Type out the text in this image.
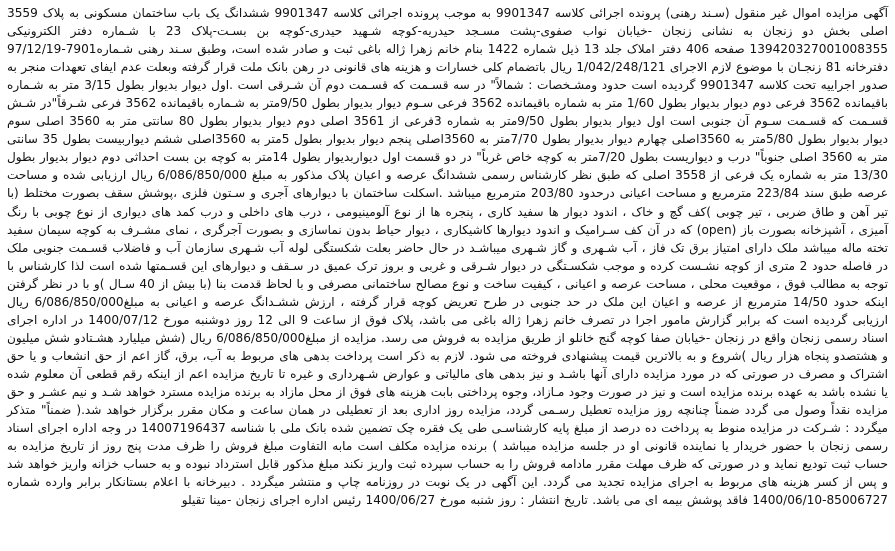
آگهی مزایده اموال غیر منقول (سـند رهنی) پرونده اجرائی کلاسه 9901347 به موجب پرونده اجرائی کلاسه 9901347 ششدانگ یک باب ساختمان مسکونی به پلاک 3559 اصلی بخش دو زنجان به نشانی زنجان -خیابان نواب صفوی-پشت مسـجد حیدریه-کوچه شـهید حیدری-کوچه بن بسـت-پلاک 23 با شـماره دفتر الکترونیکی 139420327001008355 صفحه 406 دفتر املاک جلد 13 ذیل شماره 1422 بنام خانم زهرا ژاله باغی ثبت و صادر شده است، وطبق سـند رهنی شـماره7901-97/12/19 دفترخانه 81 زنجـان با موضوع لازم الاجرای 1/042/248/121 ریال باتضمام کلی خسارات و هزینه های قانونی در رهن بانک ملت قرار گرفته وبعلت عدم ایفای تعهدات منجر به صدور اجراییه تحت کلاسه 9901347 گردیده است حدود ومشـخصات : شمالاً" در سه قسـمت که قسـمت دوم آن شـرقی است .اول دیوار بدیوار بطول 3/15 متر به شـماره باقیمانده 3562 فرعی دوم دیوار بدیوار بطول 1/60 متر به شماره باقیمانده 3562 فرعی سـوم دیوار بدیوار بطول 9/50متر به شـماره باقیمانده 3562 فرعی شـرقاً"در شـش قسـمت که قسـمت سـوم آن جنوبی است اول دیوار بدیوار بطول 9/50متر به شماره 3فرعی از 3561 اصلی دوم دیوار بدیوار بطول 80 سانتی متر به 3560 اصلی سوم دیوار بدیوار بطول 5/80متر به 3560اصلی چهارم دیوار بدیوار بطول 7/70متر به 3560اصلی پنجم دیوار بدیوار بطول 5متر به 3560اصلی ششم دیواربیست بطول 35 سانتی متر به 3560 اصلی جنوباً" درب و دیواریست بطول 7/20متر به کوچه خاص غرباً" در دو قسمت اول دیواربدیوار بطول 14متر به کوچه بن بست احداثی دوم دیوار بدیوار بطول 13/30 متر به شماره یک فرعی از 3558 اصلی که طبق نظر کارشناس رسمی ششدانگ عرصه و اعیان پلاک مذکور به مبلغ 6/086/850/000 ریال ارزیابی شده و مساحت عرصه طبق سند 223/84 مترمربع و مساحت اعیانی درحدود 203/80 مترمربع میباشد .اسکلت ساختمان با دیوارهای آجری و سـتون فلزی ،پوشش سقف بصورت مختلط (با تیر آهن و طاق ضربی ، تیر چوبی )کف گچ و خاک ، اندود دیوار ها سفید کاری ، پنجره ها از نوع آلومینیومی ، درب های داخلی و درب کمد های دیواری از نوع چوبی با رنگ آمیزی ، آشپزخانه بصورت باز (open) که در آن کف سـرامیک و اندود دیوارها کاشیکاری ، دیوار حیاط بدون نماسازی و بصورت آجرگری ، نمای مشـرف به کوچه سیمان سفید تخته ماله میباشد ملک دارای امتیاز برق تک فاز ، آب شـهری و گاز شـهری میباشـد در حال حاضر بعلت شکستگی لوله آب شـهری سازمان آب و فاضلاب قسـمت جنوبی ملک در فاصله حدود 2 متری از کوچه نشـست کرده و موجب شکسـتگی در دیوار شـرقی و غربی و بروز ترک عمیق در سـقف و دیوارهای این قسـمتها شده است لذا کارشناس با توجه به مطالب فوق ، موقعیت محلی ، مساحت عرصه و اعیانی ، کیفیت ساخت و نوع مصالح ساختمانی مصرفی و با لحاظ قدمت بنا (با بیش از 40 سـال )و با در نظر گرفتن اینکه حدود 14/50 مترمربع از عرصه و اعیان این ملک در حد جنوبی در طرح تعریض کوچه قرار گرفته ، ارزش ششـدانگ عرصه و اعیانی به مبلغ6/086/850/000 ریال ارزیابی گردیده است که برابر گزارش مامور اجرا در تصرف خانم زهرا ژاله باغی می باشد، پلاک فوق از ساعت 9 الی 12 روز دوشنبه مورخ 1400/07/12 در اداره اجرای اسناد رسمی زنجان واقع در زنجان -خیابان صفا کوچه گنج خانلو از طریق مزایده به فروش می رسد. مزایده از مبلغ6/086/850/000 ریال (شش میلیارد هشـتادو شش میلیون و هشتصدو پنجاه هزار ریال )شروع و به بالاترین قیمت پیشنهادی فروخته می شود. لازم به ذکر است پرداخت بدهی های مربوط به آب، برق، گاز اعم از حق انشعاب و یا حق اشتراک و مصرف در صورتی که در مورد مزایده دارای آنها باشـد و نیز بدهی های مالیاتی و عوارض شـهرداری و غیره تا تاریخ مزایده اعم از اینکه رقم قطعی آن معلوم شده یا نشده باشد به عهده برنده مزایده است و نیز در صورت وجود مـازاد، وجوه پرداختی بابت هزینه های فوق از محل مازاد به برنده مزایده مسترد خواهد شـد و نیم عشـر و حق مزایده نقداً وصول می گردد ضمناً چنانچه روز مزایده تعطیل رسـمی گردد، مزایده روز اداری بعد از تعطیلی در همان ساعت و مکان مقرر برگزار خواهد شد.( ضمناً" متذکر میگردد : شـرکت در مزایده منوط به پرداخت ده درصد از مبلغ پایه کارشناسـی طی یک فقره چک تضمین شده بانک ملی با شناسه 14007196437 در وجه اداره اجرای اسناد رسمی زنجان با حضور خریدار یا نماینده قانونی او در جلسه مزایده میباشد ) برنده مزایده مکلف است مابه التفاوت مبلغ فروش را ظرف مدت پنج روز از تاریخ مزایده به حساب ثبت تودیع نماید و در صورتی که ظرف مهلت مقرر مادامه فروش را به حساب سپرده ثبت واریز نکند مبلغ مذکور قابل استرداد نبوده و به حساب خزانه واریز خواهد شد و پس از کسر هزینه های مربوط به اجرای مزایده تجدید می گردد. این آگهی در یک نوبت در روزنامه چاپ و منتشر میگردد . دبیرخانه با اعلام بستانکار برابر وارده شماره 85006727-1400/06/10 فاقد پوشش بیمه ای می باشد. تاریخ انتشار : روز شنبه مورخ 1400/06/27 رئیس اداره اجرای زنجان -مینا تقیلو
